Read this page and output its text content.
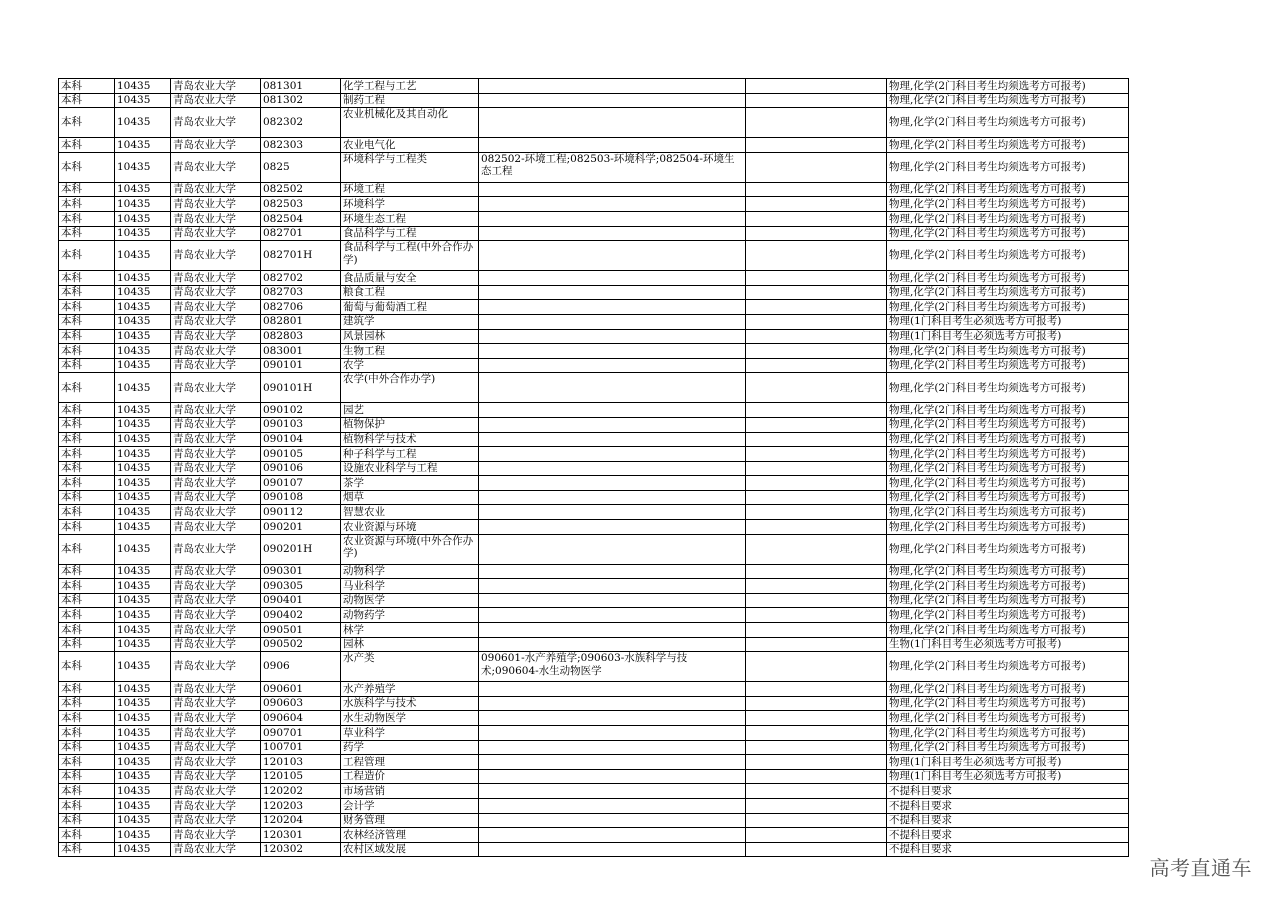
本科	10435	青岛农业大学	081301	化学工程与工艺			物理,化学(2门科目考生均须选考方可报考)
本科	10435	青岛农业大学	081302	制药工程			物理,化学(2门科目考生均须选考方可报考)
本科	10435	青岛农业大学	082302	农业机械化及其自动化			物理,化学(2门科目考生均须选考方可报考)
本科	10435	青岛农业大学	082303	农业电气化			物理,化学(2门科目考生均须选考方可报考)
本科	10435	青岛农业大学	0825	环境科学与工程类	082502-环境工程;082503-环境科学;082504-环境生态工程		物理,化学(2门科目考生均须选考方可报考)
本科	10435	青岛农业大学	082502	环境工程			物理,化学(2门科目考生均须选考方可报考)
本科	10435	青岛农业大学	082503	环境科学			物理,化学(2门科目考生均须选考方可报考)
本科	10435	青岛农业大学	082504	环境生态工程			物理,化学(2门科目考生均须选考方可报考)
本科	10435	青岛农业大学	082701	食品科学与工程			物理,化学(2门科目考生均须选考方可报考)
本科	10435	青岛农业大学	082701H	食品科学与工程(中外合作办学)			物理,化学(2门科目考生均须选考方可报考)
本科	10435	青岛农业大学	082702	食品质量与安全			物理,化学(2门科目考生均须选考方可报考)
本科	10435	青岛农业大学	082703	粮食工程			物理,化学(2门科目考生均须选考方可报考)
本科	10435	青岛农业大学	082706	葡萄与葡萄酒工程			物理,化学(2门科目考生均须选考方可报考)
本科	10435	青岛农业大学	082801	建筑学			物理(1门科目考生必须选考方可报考)
本科	10435	青岛农业大学	082803	风景园林			物理(1门科目考生必须选考方可报考)
本科	10435	青岛农业大学	083001	生物工程			物理,化学(2门科目考生均须选考方可报考)
本科	10435	青岛农业大学	090101	农学			物理,化学(2门科目考生均须选考方可报考)
本科	10435	青岛农业大学	090101H	农学(中外合作办学)			物理,化学(2门科目考生均须选考方可报考)
本科	10435	青岛农业大学	090102	园艺			物理,化学(2门科目考生均须选考方可报考)
本科	10435	青岛农业大学	090103	植物保护			物理,化学(2门科目考生均须选考方可报考)
本科	10435	青岛农业大学	090104	植物科学与技术			物理,化学(2门科目考生均须选考方可报考)
本科	10435	青岛农业大学	090105	种子科学与工程			物理,化学(2门科目考生均须选考方可报考)
本科	10435	青岛农业大学	090106	设施农业科学与工程			物理,化学(2门科目考生均须选考方可报考)
本科	10435	青岛农业大学	090107	茶学			物理,化学(2门科目考生均须选考方可报考)
本科	10435	青岛农业大学	090108	烟草			物理,化学(2门科目考生均须选考方可报考)
本科	10435	青岛农业大学	090112	智慧农业			物理,化学(2门科目考生均须选考方可报考)
本科	10435	青岛农业大学	090201	农业资源与环境			物理,化学(2门科目考生均须选考方可报考)
本科	10435	青岛农业大学	090201H	农业资源与环境(中外合作办学)			物理,化学(2门科目考生均须选考方可报考)
本科	10435	青岛农业大学	090301	动物科学			物理,化学(2门科目考生均须选考方可报考)
本科	10435	青岛农业大学	090305	马业科学			物理,化学(2门科目考生均须选考方可报考)
本科	10435	青岛农业大学	090401	动物医学			物理,化学(2门科目考生均须选考方可报考)
本科	10435	青岛农业大学	090402	动物药学			物理,化学(2门科目考生均须选考方可报考)
本科	10435	青岛农业大学	090501	林学			物理,化学(2门科目考生均须选考方可报考)
本科	10435	青岛农业大学	090502	园林			生物(1门科目考生必须选考方可报考)
本科	10435	青岛农业大学	0906	水产类	090601-水产养殖学;090603-水族科学与技术;090604-水生动物医学		物理,化学(2门科目考生均须选考方可报考)
本科	10435	青岛农业大学	090601	水产养殖学			物理,化学(2门科目考生均须选考方可报考)
本科	10435	青岛农业大学	090603	水族科学与技术			物理,化学(2门科目考生均须选考方可报考)
本科	10435	青岛农业大学	090604	水生动物医学			物理,化学(2门科目考生均须选考方可报考)
本科	10435	青岛农业大学	090701	草业科学			物理,化学(2门科目考生均须选考方可报考)
本科	10435	青岛农业大学	100701	药学			物理,化学(2门科目考生均须选考方可报考)
本科	10435	青岛农业大学	120103	工程管理			物理(1门科目考生必须选考方可报考)
本科	10435	青岛农业大学	120105	工程造价			物理(1门科目考生必须选考方可报考)
本科	10435	青岛农业大学	120202	市场营销			不提科目要求
本科	10435	青岛农业大学	120203	会计学			不提科目要求
本科	10435	青岛农业大学	120204	财务管理			不提科目要求
本科	10435	青岛农业大学	120301	农林经济管理			不提科目要求
本科	10435	青岛农业大学	120302	农村区域发展			不提科目要求
高考直通车
